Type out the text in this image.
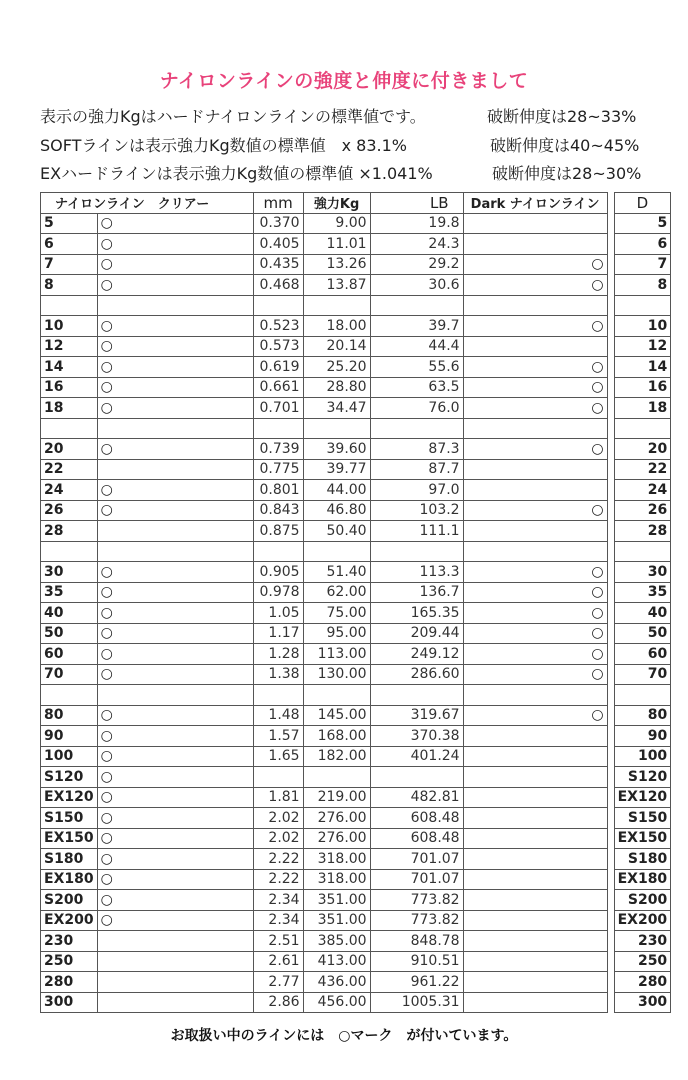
ナイロンラインの強度と伸度に付きまして
表示の強力Kgはハードナイロンラインの標準値です。	破断伸度は28~33%
SOFTラインは表示強力Kg数値の標準値　x 83.1%	破断伸度は40~45%
EXハードラインは表示強力Kg数値の標準値 ×1.041%	破断伸度は28~30%
ナイロンライン　クリアー		mm	強力Kg	LB	Dark ナイロンライン		D
5	○	0.370	9.00	19.8			5
6	○	0.405	11.01	24.3			6
7	○	0.435	13.26	29.2	○		7
8	○	0.468	13.87	30.6	○		8

10	○	0.523	18.00	39.7	○		10
12	○	0.573	20.14	44.4			12
14	○	0.619	25.20	55.6	○		14
16	○	0.661	28.80	63.5	○		16
18	○	0.701	34.47	76.0	○		18

20	○	0.739	39.60	87.3	○		20
22		0.775	39.77	87.7			22
24	○	0.801	44.00	97.0			24
26	○	0.843	46.80	103.2	○		26
28		0.875	50.40	111.1			28

30	○	0.905	51.40	113.3	○		30
35	○	0.978	62.00	136.7	○		35
40	○	1.05	75.00	165.35	○		40
50	○	1.17	95.00	209.44	○		50
60	○	1.28	113.00	249.12	○		60
70	○	1.38	130.00	286.60	○		70

80	○	1.48	145.00	319.67	○		80
90	○	1.57	168.00	370.38			90
100	○	1.65	182.00	401.24			100
S120	○						S120
EX120	○	1.81	219.00	482.81			EX120
S150	○	2.02	276.00	608.48			S150
EX150	○	2.02	276.00	608.48			EX150
S180	○	2.22	318.00	701.07			S180
EX180	○	2.22	318.00	701.07			EX180
S200	○	2.34	351.00	773.82			S200
EX200	○	2.34	351.00	773.82			EX200
230		2.51	385.00	848.78			230
250		2.61	413.00	910.51			250
280		2.77	436.00	961.22			280
300		2.86	456.00	1005.31			300
お取扱い中のラインには　○マーク　が付いています。
